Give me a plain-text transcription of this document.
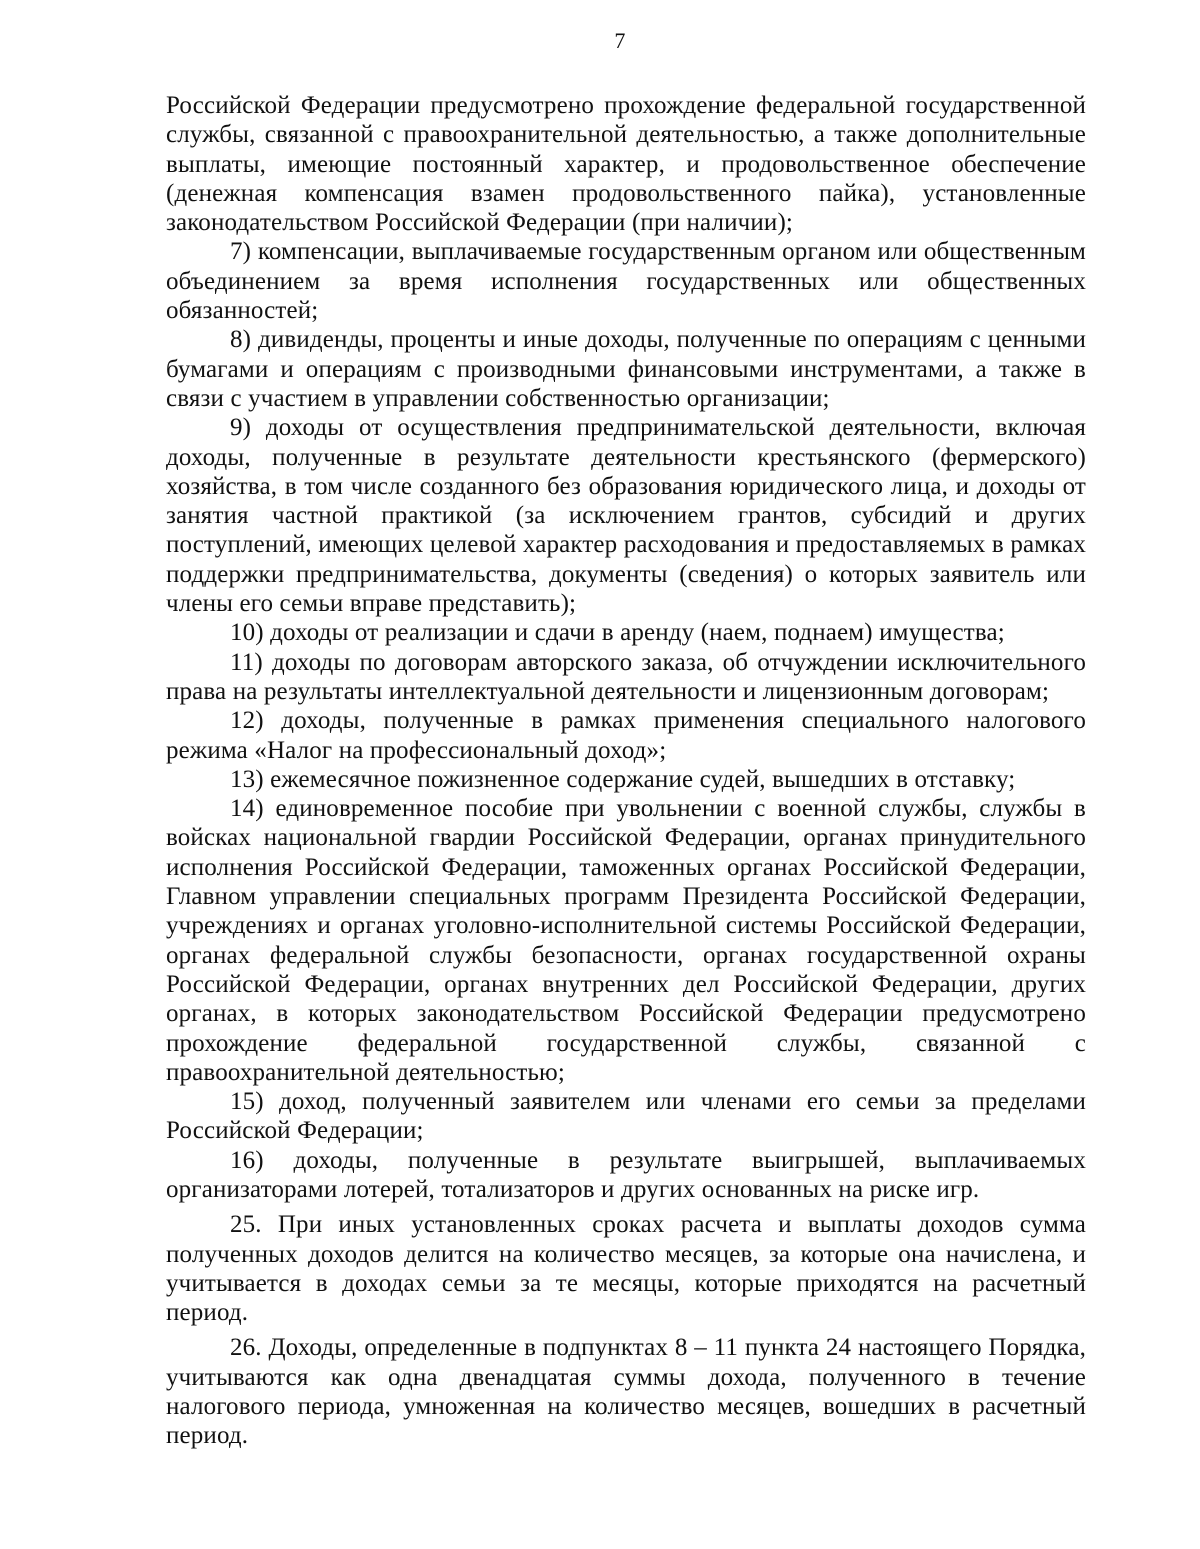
7

Российской Федерации предусмотрено прохождение федеральной государственной службы, связанной с правоохранительной деятельностью, а также дополнительные выплаты, имеющие постоянный характер, и продовольственное обеспечение (денежная компенсация взамен продовольственного пайка), установленные законодательством Российской Федерации (при наличии);

7) компенсации, выплачиваемые государственным органом или общественным объединением за время исполнения государственных или общественных обязанностей;

8) дивиденды, проценты и иные доходы, полученные по операциям с ценными бумагами и операциям с производными финансовыми инструментами, а также в связи с участием в управлении собственностью организации;

9) доходы от осуществления предпринимательской деятельности, включая доходы, полученные в результате деятельности крестьянского (фермерского) хозяйства, в том числе созданного без образования юридического лица, и доходы от занятия частной практикой (за исключением грантов, субсидий и других поступлений, имеющих целевой характер расходования и предоставляемых в рамках поддержки предпринимательства, документы (сведения) о которых заявитель или члены его семьи вправе представить);

10) доходы от реализации и сдачи в аренду (наем, поднаем) имущества;

11) доходы по договорам авторского заказа, об отчуждении исключительного права на результаты интеллектуальной деятельности и лицензионным договорам;

12) доходы, полученные в рамках применения специального налогового режима «Налог на профессиональный доход»;

13) ежемесячное пожизненное содержание судей, вышедших в отставку;

14) единовременное пособие при увольнении с военной службы, службы в войсках национальной гвардии Российской Федерации, органах принудительного исполнения Российской Федерации, таможенных органах Российской Федерации, Главном управлении специальных программ Президента Российской Федерации, учреждениях и органах уголовно-исполнительной системы Российской Федерации, органах федеральной службы безопасности, органах государственной охраны Российской Федерации, органах внутренних дел Российской Федерации, других органах, в которых законодательством Российской Федерации предусмотрено прохождение федеральной государственной службы, связанной с правоохранительной деятельностью;

15) доход, полученный заявителем или членами его семьи за пределами Российской Федерации;

16) доходы, полученные в результате выигрышей, выплачиваемых организаторами лотерей, тотализаторов и других основанных на риске игр.

25. При иных установленных сроках расчета и выплаты доходов сумма полученных доходов делится на количество месяцев, за которые она начислена, и учитывается в доходах семьи за те месяцы, которые приходятся на расчетный период.

26. Доходы, определенные в подпунктах 8 – 11 пункта 24 настоящего Порядка, учитываются как одна двенадцатая суммы дохода, полученного в течение налогового периода, умноженная на количество месяцев, вошедших в расчетный период.
